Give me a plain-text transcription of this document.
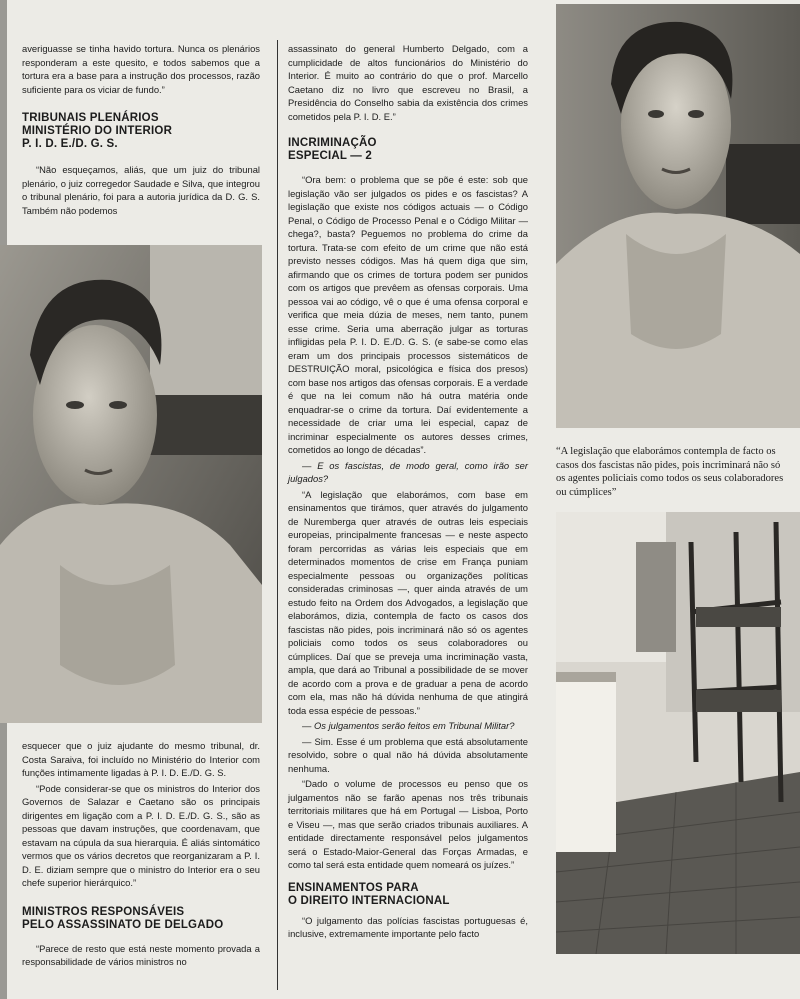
averiguasse se tinha havido tortura. Nunca os plenários responderam a este quesito, e todos sabemos que a tortura era a base para a instrução dos processos, razão suficiente para os viciar de fundo.”

TRIBUNAIS PLENÁRIOS
MINISTÉRIO DO INTERIOR
P. I. D. E./D. G. S.

“Não esqueçamos, aliás, que um juiz do tribunal plenário, o juiz corregedor Saudade e Silva, que integrou o tribunal plenário, foi para a autoria jurídica da D. G. S. Também não podemos

esquecer que o juiz ajudante do mesmo tribunal, dr. Costa Saraiva, foi incluído no Ministério do Interior com funções intimamente ligadas à P. I. D. E./D. G. S.

“Pode considerar-se que os ministros do Interior dos Governos de Salazar e Caetano são os principais dirigentes em ligação com a P. I. D. E./D. G. S., são as pessoas que davam instruções, que coordenavam, que estavam na cúpula da sua hierarquia. É aliás sintomático vermos que os vários decretos que reorganizaram a P. I. D. E. diziam sempre que o ministro do Interior era o seu chefe superior hierárquico.”

MINISTROS RESPONSÁVEIS
PELO ASSASSINATO DE DELGADO

“Parece de resto que está neste momento provada a responsabilidade de vários ministros no

assassinato do general Humberto Delgado, com a cumplicidade de altos funcionários do Ministério do Interior. É muito ao contrário do que o prof. Marcello Caetano diz no livro que escreveu no Brasil, a Presidência do Conselho sabia da existência dos crimes cometidos pela P. I. D. E.”

INCRIMINAÇÃO
ESPECIAL — 2

“Ora bem: o problema que se põe é este: sob que legislação vão ser julgados os pides e os fascistas? A legislação que existe nos códigos actuais — o Código Penal, o Código de Processo Penal e o Código Militar — chega?, basta? Peguemos no problema do crime da tortura. Trata-se com efeito de um crime que não está previsto nesses códigos. Mas há quem diga que sim, afirmando que os crimes de tortura podem ser punidos com os artigos que prevêem as ofensas corporais. Uma pessoa vai ao código, vê o que é uma ofensa corporal e verifica que meia dúzia de meses, nem tanto, punem esse crime. Seria uma aberração julgar as torturas infligidas pela P. I. D. E./D. G. S. (e sabe-se como elas eram um dos principais processos sistemáticos de DESTRUIÇÃO moral, psicológica e física dos presos) com base nos artigos das ofensas corporais. E a verdade é que na lei comum não há outra matéria onde enquadrar-se o crime da tortura. Daí evidentemente a necessidade de criar uma lei especial, capaz de incriminar especialmente os autores desses crimes, cometidos ao longo de décadas”.

— E os fascistas, de modo geral, como irão ser julgados?

“A legislação que elaborámos, com base em ensinamentos que tirámos, quer através do julgamento de Nuremberga quer através de outras leis especiais europeias, principalmente francesas — e neste aspecto foram percorridas as várias leis especiais que em determinados momentos de crise em França puniam especialmente pessoas ou organizações políticas consideradas criminosas —, quer ainda através de um estudo feito na Ordem dos Advogados, a legislação que elaborámos, dizia, contempla de facto os casos dos fascistas não pides, pois incriminará não só os agentes policiais como todos os seus colaboradores ou cúmplices. Daí que se preveja uma incriminação vasta, ampla, que dará ao Tribunal a possibilidade de se mover de acordo com a prova e de graduar a pena de acordo com ela, mas não há dúvida nenhuma de que atingirá toda essa espécie de pessoas.”

— Os julgamentos serão feitos em Tribunal Militar?

— Sim. Esse é um problema que está absolutamente resolvido, sobre o qual não há dúvida absolutamente nenhuma.

“Dado o volume de processos eu penso que os julgamentos não se farão apenas nos três tribunais territoriais militares que há em Portugal — Lisboa, Porto e Viseu —, mas que serão criados tribunais auxiliares. A entidade directamente responsável pelos julgamentos será o Estado-Maior-General das Forças Armadas, e como tal será esta entidade quem nomeará os juízes.”

ENSINAMENTOS PARA
O DIREITO INTERNACIONAL

“O julgamento das polícias fascistas portuguesas é, inclusive, extremamente importante pelo facto

“A legislação que elaborámos contempla de facto os casos dos fascistas não pides, pois incriminará não só os agentes policiais como todos os seus colaboradores ou cúmplices”
